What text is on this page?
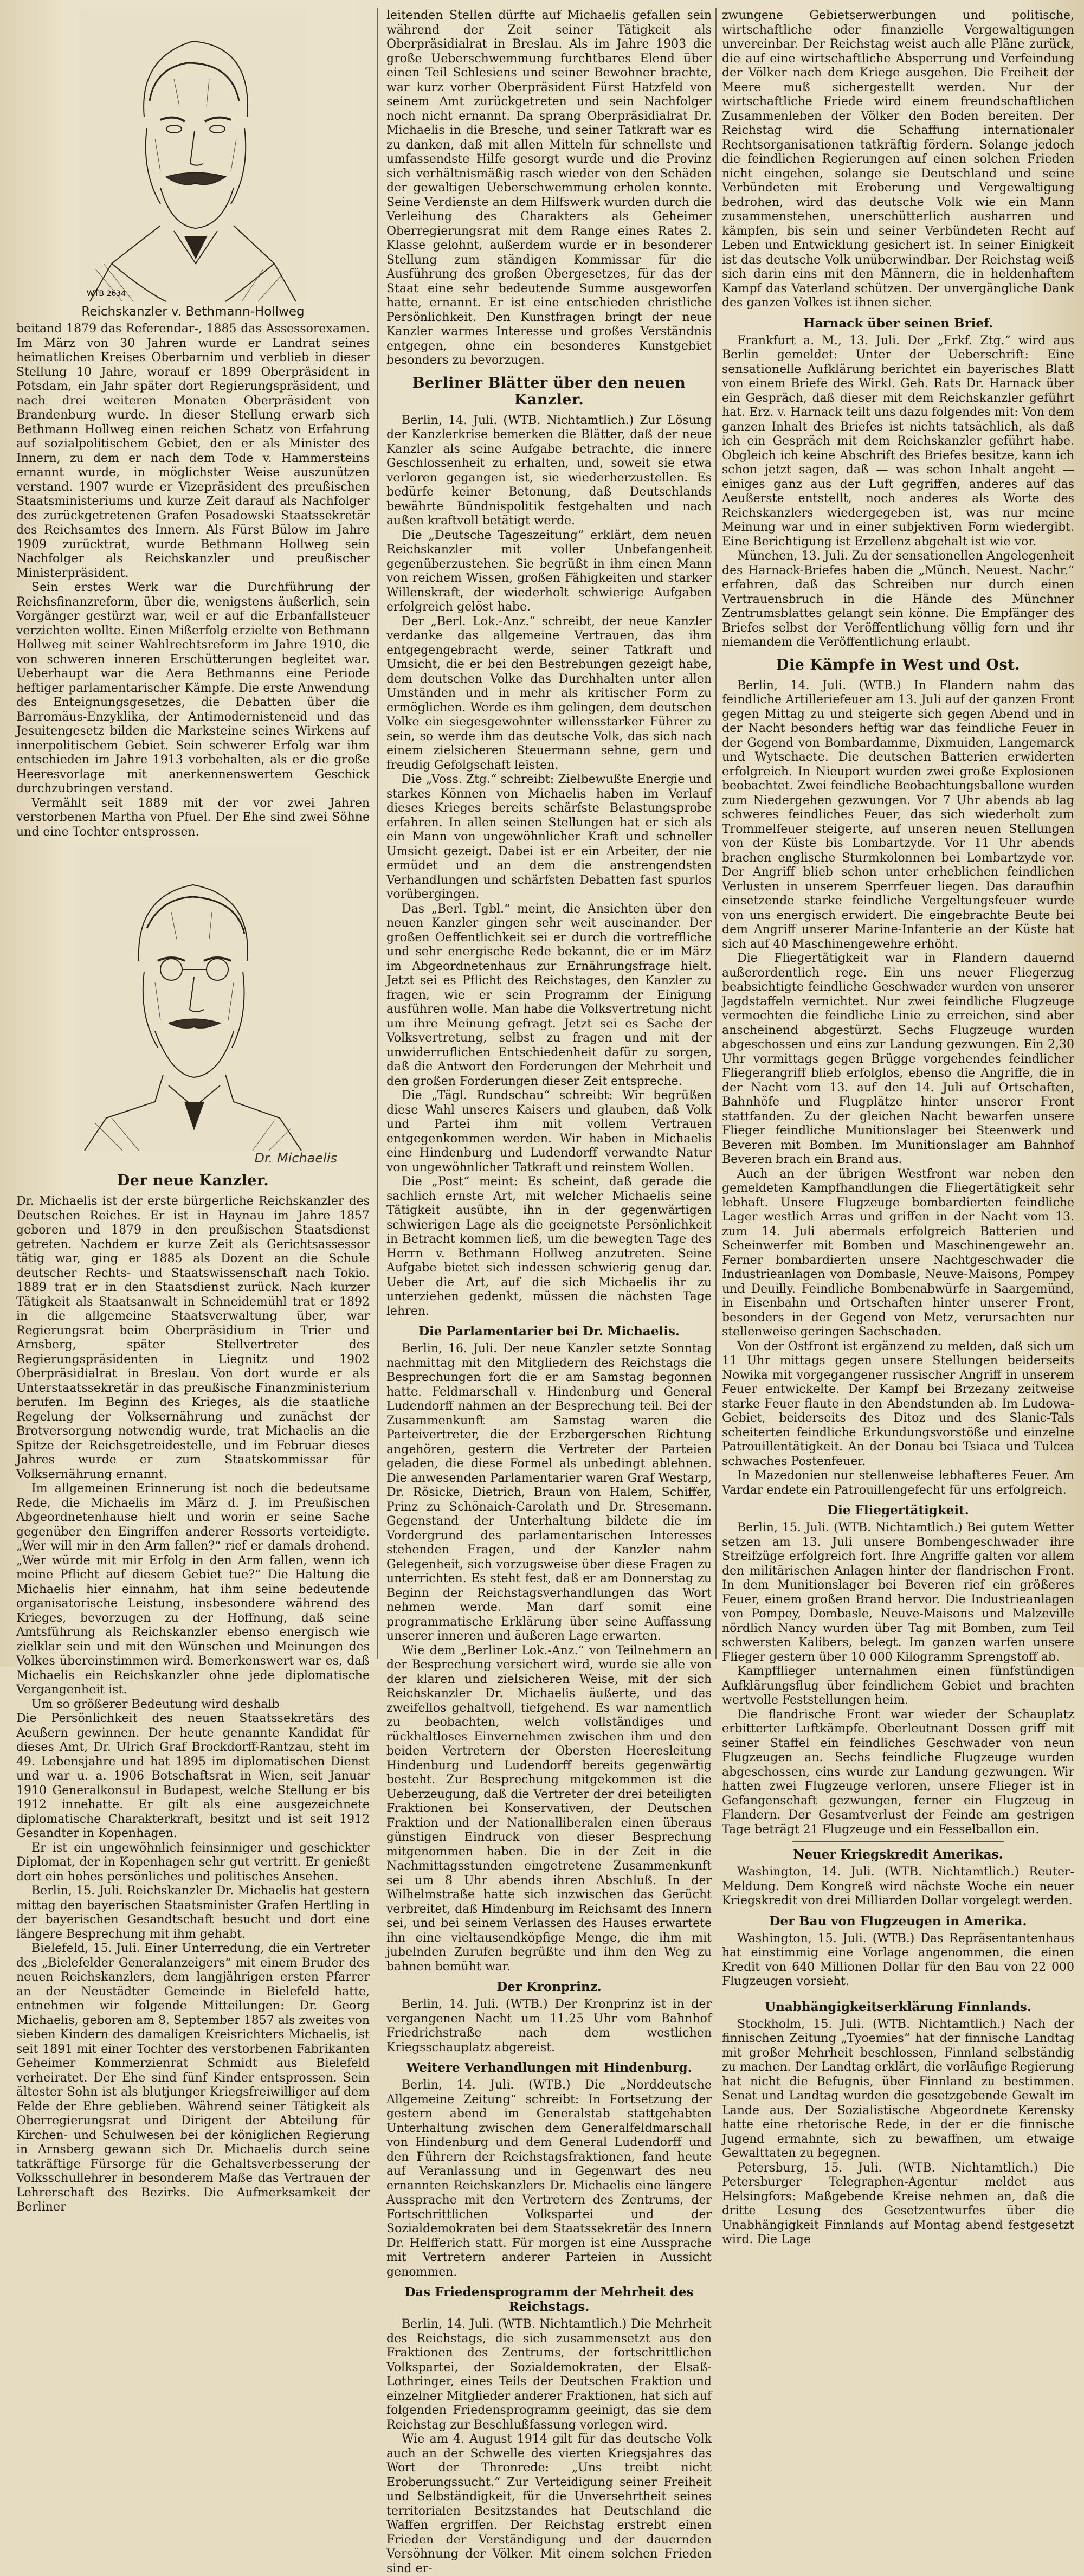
WTB 2634
Reichskanzler v. Bethmann-Hollweg

beitand 1879 das Referendar-, 1885 das Assessorexamen. Im März von 30 Jahren wurde er Landrat seines heimatlichen Kreises Oberbarnim und verblieb in dieser Stellung 10 Jahre, worauf er 1899 Oberpräsident in Potsdam, ein Jahr später dort Regierungspräsident, und nach drei weiteren Monaten Oberpräsident von Brandenburg wurde. In dieser Stellung erwarb sich Bethmann Hollweg einen reichen Schatz von Erfahrung auf sozialpolitischem Gebiet, den er als Minister des Innern, zu dem er nach dem Tode v. Hammersteins ernannt wurde, in möglichster Weise auszunützen verstand. 1907 wurde er Vizepräsident des preußischen Staatsministeriums und kurze Zeit darauf als Nachfolger des zurückgetretenen Grafen Posadowski Staatssekretär des Reichsamtes des Innern. Als Fürst Bülow im Jahre 1909 zurücktrat, wurde Bethmann Hollweg sein Nachfolger als Reichskanzler und preußischer Ministerpräsident.

Sein erstes Werk war die Durchführung der Reichsfinanzreform, über die, wenigstens äußerlich, sein Vorgänger gestürzt war, weil er auf die Erbanfallsteuer verzichten wollte. Einen Mißerfolg erzielte von Bethmann Hollweg mit seiner Wahlrechtsreform im Jahre 1910, die von schweren inneren Erschütterungen begleitet war. Ueberhaupt war die Aera Bethmanns eine Periode heftiger parlamentarischer Kämpfe. Die erste Anwendung des Enteignungsgesetzes, die Debatten über die Barromäus-Enzyklika, der Antimodernisteneid und das Jesuitengesetz bilden die Marksteine seines Wirkens auf innerpolitischem Gebiet. Sein schwerer Erfolg war ihm entschieden im Jahre 1913 vorbehalten, als er die große Heeresvorlage mit anerkennenswertem Geschick durchzubringen verstand.

Vermählt seit 1889 mit der vor zwei Jahren verstorbenen Martha von Pfuel. Der Ehe sind zwei Söhne und eine Tochter entsprossen.

Dr. Michaelis
Der neue Kanzler.

Dr. Michaelis ist der erste bürgerliche Reichskanzler des Deutschen Reiches. Er ist in Haynau im Jahre 1857 geboren und 1879 in den preußischen Staatsdienst getreten. Nachdem er kurze Zeit als Gerichtsassessor tätig war, ging er 1885 als Dozent an die Schule deutscher Rechts- und Staatswissenschaft nach Tokio. 1889 trat er in den Staatsdienst zurück. Nach kurzer Tätigkeit als Staatsanwalt in Schneidemühl trat er 1892 in die allgemeine Staatsverwaltung über, war Regierungsrat beim Oberpräsidium in Trier und Arnsberg, später Stellvertreter des Regierungspräsidenten in Liegnitz und 1902 Oberpräsidialrat in Breslau. Von dort wurde er als Unterstaatssekretär in das preußische Finanzministerium berufen. Im Beginn des Krieges, als die staatliche Regelung der Volksernährung und zunächst der Brotversorgung notwendig wurde, trat Michaelis an die Spitze der Reichsgetreidestelle, und im Februar dieses Jahres wurde er zum Staatskommissar für Volksernährung ernannt.

Im allgemeinen Erinnerung ist noch die bedeutsame Rede, die Michaelis im März d. J. im Preußischen Abgeordnetenhause hielt und worin er seine Sache gegenüber den Eingriffen anderer Ressorts verteidigte. „Wer will mir in den Arm fallen?“ rief er damals drohend. „Wer würde mit mir Erfolg in den Arm fallen, wenn ich meine Pflicht auf diesem Gebiet tue?“ Die Haltung die Michaelis hier einnahm, hat ihm seine bedeutende organisatorische Leistung, insbesondere während des Krieges, bevorzugen zu der Hoffnung, daß seine Amtsführung als Reichskanzler ebenso energisch wie zielklar sein und mit den Wünschen und Meinungen des Volkes übereinstimmen wird. Bemerkenswert war es, daß Michaelis ein Reichskanzler ohne jede diplomatische Vergangenheit ist.

Um so größerer Bedeutung wird deshalb

Die Persönlichkeit des neuen Staatssekretärs des Aeußern gewinnen. Der heute genannte Kandidat für dieses Amt, Dr. Ulrich Graf Brockdorff-Rantzau, steht im 49. Lebensjahre und hat 1895 im diplomatischen Dienst und war u. a. 1906 Botschaftsrat in Wien, seit Januar 1910 Generalkonsul in Budapest, welche Stellung er bis 1912 innehatte. Er gilt als eine ausgezeichnete diplomatische Charakterkraft, besitzt und ist seit 1912 Gesandter in Kopenhagen.

Er ist ein ungewöhnlich feinsinniger und geschickter Diplomat, der in Kopenhagen sehr gut vertritt. Er genießt dort ein hohes persönliches und politisches Ansehen.

Berlin, 15. Juli. Reichskanzler Dr. Michaelis hat gestern mittag den bayerischen Staatsminister Grafen Hertling in der bayerischen Gesandtschaft besucht und dort eine längere Besprechung mit ihm gehabt.

Bielefeld, 15. Juli. Einer Unterredung, die ein Vertreter des „Bielefelder Generalanzeigers“ mit einem Bruder des neuen Reichskanzlers, dem langjährigen ersten Pfarrer an der Neustädter Gemeinde in Bielefeld hatte, entnehmen wir folgende Mitteilungen: Dr. Georg Michaelis, geboren am 8. September 1857 als zweites von sieben Kindern des damaligen Kreisrichters Michaelis, ist seit 1891 mit einer Tochter des verstorbenen Fabrikanten Geheimer Kommerzienrat Schmidt aus Bielefeld verheiratet. Der Ehe sind fünf Kinder entsprossen. Sein ältester Sohn ist als blutjunger Kriegsfreiwilliger auf dem Felde der Ehre geblieben. Während seiner Tätigkeit als Oberregierungsrat und Dirigent der Abteilung für Kirchen- und Schulwesen bei der königlichen Regierung in Arnsberg gewann sich Dr. Michaelis durch seine tatkräftige Fürsorge für die Gehaltsverbesserung der Volksschullehrer in besonderem Maße das Vertrauen der Lehrerschaft des Bezirks. Die Aufmerksamkeit der Berliner

leitenden Stellen dürfte auf Michaelis gefallen sein während der Zeit seiner Tätigkeit als Oberpräsidialrat in Breslau. Als im Jahre 1903 die große Ueberschwemmung furchtbares Elend über einen Teil Schlesiens und seiner Bewohner brachte, war kurz vorher Oberpräsident Fürst Hatzfeld von seinem Amt zurückgetreten und sein Nachfolger noch nicht ernannt. Da sprang Oberpräsidialrat Dr. Michaelis in die Bresche, und seiner Tatkraft war es zu danken, daß mit allen Mitteln für schnellste und umfassendste Hilfe gesorgt wurde und die Provinz sich verhältnismäßig rasch wieder von den Schäden der gewaltigen Ueberschwemmung erholen konnte. Seine Verdienste an dem Hilfswerk wurden durch die Verleihung des Charakters als Geheimer Oberregierungsrat mit dem Range eines Rates 2. Klasse gelohnt, außerdem wurde er in besonderer Stellung zum ständigen Kommissar für die Ausführung des großen Obergesetzes, für das der Staat eine sehr bedeutende Summe ausgeworfen hatte, ernannt. Er ist eine entschieden christliche Persönlichkeit. Den Kunstfragen bringt der neue Kanzler warmes Interesse und großes Verständnis entgegen, ohne ein besonderes Kunstgebiet besonders zu bevorzugen.

Berliner Blätter über den neuen Kanzler.

Berlin, 14. Juli. (WTB. Nichtamtlich.) Zur Lösung der Kanzlerkrise bemerken die Blätter, daß der neue Kanzler als seine Aufgabe betrachte, die innere Geschlossenheit zu erhalten, und, soweit sie etwa verloren gegangen ist, sie wiederherzustellen. Es bedürfe keiner Betonung, daß Deutschlands bewährte Bündnispolitik festgehalten und nach außen kraftvoll betätigt werde.

Die „Deutsche Tageszeitung“ erklärt, dem neuen Reichskanzler mit voller Unbefangenheit gegenüberzustehen. Sie begrüßt in ihm einen Mann von reichem Wissen, großen Fähigkeiten und starker Willenskraft, der wiederholt schwierige Aufgaben erfolgreich gelöst habe.

Der „Berl. Lok.-Anz.“ schreibt, der neue Kanzler verdanke das allgemeine Vertrauen, das ihm entgegengebracht werde, seiner Tatkraft und Umsicht, die er bei den Bestrebungen gezeigt habe, dem deutschen Volke das Durchhalten unter allen Umständen und in mehr als kritischer Form zu ermöglichen. Werde es ihm gelingen, dem deutschen Volke ein siegesgewohnter willensstarker Führer zu sein, so werde ihm das deutsche Volk, das sich nach einem zielsicheren Steuermann sehne, gern und freudig Gefolgschaft leisten.

Die „Voss. Ztg.“ schreibt: Zielbewußte Energie und starkes Können von Michaelis haben im Verlauf dieses Krieges bereits schärfste Belastungsprobe erfahren. In allen seinen Stellungen hat er sich als ein Mann von ungewöhnlicher Kraft und schneller Umsicht gezeigt. Dabei ist er ein Arbeiter, der nie ermüdet und an dem die anstrengendsten Verhandlungen und schärfsten Debatten fast spurlos vorübergingen.

Das „Berl. Tgbl.“ meint, die Ansichten über den neuen Kanzler gingen sehr weit auseinander. Der großen Oeffentlichkeit sei er durch die vortreffliche und sehr energische Rede bekannt, die er im März im Abgeordnetenhaus zur Ernährungsfrage hielt. Jetzt sei es Pflicht des Reichstages, den Kanzler zu fragen, wie er sein Programm der Einigung ausführen wolle. Man habe die Volksvertretung nicht um ihre Meinung gefragt. Jetzt sei es Sache der Volksvertretung, selbst zu fragen und mit der unwiderruflichen Entschiedenheit dafür zu sorgen, daß die Antwort den Forderungen der Mehrheit und den großen Forderungen dieser Zeit entspreche.

Die „Tägl. Rundschau“ schreibt: Wir begrüßen diese Wahl unseres Kaisers und glauben, daß Volk und Partei ihm mit vollem Vertrauen entgegenkommen werden. Wir haben in Michaelis eine Hindenburg und Ludendorff verwandte Natur von ungewöhnlicher Tatkraft und reinstem Wollen.

Die „Post“ meint: Es scheint, daß gerade die sachlich ernste Art, mit welcher Michaelis seine Tätigkeit ausübte, ihn in der gegenwärtigen schwierigen Lage als die geeignetste Persönlichkeit in Betracht kommen ließ, um die bewegten Tage des Herrn v. Bethmann Hollweg anzutreten. Seine Aufgabe bietet sich indessen schwierig genug dar. Ueber die Art, auf die sich Michaelis ihr zu unterziehen gedenkt, müssen die nächsten Tage lehren.

Die Parlamentarier bei Dr. Michaelis.

Berlin, 16. Juli. Der neue Kanzler setzte Sonntag nachmittag mit den Mitgliedern des Reichstags die Besprechungen fort die er am Samstag begonnen hatte. Feldmarschall v. Hindenburg und General Ludendorff nahmen an der Besprechung teil. Bei der Zusammenkunft am Samstag waren die Parteivertreter, die der Erzbergerschen Richtung angehören, gestern die Vertreter der Parteien geladen, die diese Formel als unbedingt ablehnen. Die anwesenden Parlamentarier waren Graf Westarp, Dr. Rösicke, Dietrich, Braun von Halem, Schiffer, Prinz zu Schönaich-Carolath und Dr. Stresemann. Gegenstand der Unterhaltung bildete die im Vordergrund des parlamentarischen Interesses stehenden Fragen, und der Kanzler nahm Gelegenheit, sich vorzugsweise über diese Fragen zu unterrichten. Es steht fest, daß er am Donnerstag zu Beginn der Reichstagsverhandlungen das Wort nehmen werde. Man darf somit eine programmatische Erklärung über seine Auffassung unserer inneren und äußeren Lage erwarten.

Wie dem „Berliner Lok.-Anz.“ von Teilnehmern an der Besprechung versichert wird, wurde sie alle von der klaren und zielsicheren Weise, mit der sich Reichskanzler Dr. Michaelis äußerte, und das zweifellos gehaltvoll, tiefgehend. Es war namentlich zu beobachten, welch vollständiges und rückhaltloses Einvernehmen zwischen ihm und den beiden Vertretern der Obersten Heeresleitung Hindenburg und Ludendorff bereits gegenwärtig besteht. Zur Besprechung mitgekommen ist die Ueberzeugung, daß die Vertreter der drei beteiligten Fraktionen bei Konservativen, der Deutschen Fraktion und der Nationalliberalen einen überaus günstigen Eindruck von dieser Besprechung mitgenommen haben. Die in der Zeit in die Nachmittagsstunden eingetretene Zusammenkunft sei um 8 Uhr abends ihren Abschluß. In der Wilhelmstraße hatte sich inzwischen das Gerücht verbreitet, daß Hindenburg im Reichsamt des Innern sei, und bei seinem Verlassen des Hauses erwartete ihn eine vieltausendköpfige Menge, die ihm mit jubelnden Zurufen begrüßte und ihm den Weg zu bahnen bemüht war.

Der Kronprinz.

Berlin, 14. Juli. (WTB.) Der Kronprinz ist in der vergangenen Nacht um 11.25 Uhr vom Bahnhof Friedrichstraße nach dem westlichen Kriegsschauplatz abgereist.

Weitere Verhandlungen mit Hindenburg.

Berlin, 14. Juli. (WTB.) Die „Norddeutsche Allgemeine Zeitung“ schreibt: In Fortsetzung der gestern abend im Generalstab stattgehabten Unterhaltung zwischen dem Generalfeldmarschall von Hindenburg und dem General Ludendorff und den Führern der Reichstagsfraktionen, fand heute auf Veranlassung und in Gegenwart des neu ernannten Reichskanzlers Dr. Michaelis eine längere Aussprache mit den Vertretern des Zentrums, der Fortschrittlichen Volkspartei und der Sozialdemokraten bei dem Staatssekretär des Innern Dr. Helfferich statt. Für morgen ist eine Aussprache mit Vertretern anderer Parteien in Aussicht genommen.

Das Friedensprogramm der Mehrheit des Reichstags.

Berlin, 14. Juli. (WTB. Nichtamtlich.) Die Mehrheit des Reichstags, die sich zusammensetzt aus den Fraktionen des Zentrums, der fortschrittlichen Volkspartei, der Sozialdemokraten, der Elsaß-Lothringer, eines Teils der Deutschen Fraktion und einzelner Mitglieder anderer Fraktionen, hat sich auf folgenden Friedensprogramm geeinigt, das sie dem Reichstag zur Beschlußfassung vorlegen wird.

Wie am 4. August 1914 gilt für das deutsche Volk auch an der Schwelle des vierten Kriegsjahres das Wort der Thronrede: „Uns treibt nicht Eroberungssucht.“ Zur Verteidigung seiner Freiheit und Selbständigkeit, für die Unversehrtheit seines territorialen Besitzstandes hat Deutschland die Waffen ergriffen. Der Reichstag erstrebt einen Frieden der Verständigung und der dauernden Versöhnung der Völker. Mit einem solchen Frieden sind er-

zwungene Gebietserwerbungen und politische, wirtschaftliche oder finanzielle Vergewaltigungen unvereinbar. Der Reichstag weist auch alle Pläne zurück, die auf eine wirtschaftliche Absperrung und Verfeindung der Völker nach dem Kriege ausgehen. Die Freiheit der Meere muß sichergestellt werden. Nur der wirtschaftliche Friede wird einem freundschaftlichen Zusammenleben der Völker den Boden bereiten. Der Reichstag wird die Schaffung internationaler Rechtsorganisationen tatkräftig fördern. Solange jedoch die feindlichen Regierungen auf einen solchen Frieden nicht eingehen, solange sie Deutschland und seine Verbündeten mit Eroberung und Vergewaltigung bedrohen, wird das deutsche Volk wie ein Mann zusammenstehen, unerschütterlich ausharren und kämpfen, bis sein und seiner Verbündeten Recht auf Leben und Entwicklung gesichert ist. In seiner Einigkeit ist das deutsche Volk unüberwindbar. Der Reichstag weiß sich darin eins mit den Männern, die in heldenhaftem Kampf das Vaterland schützen. Der unvergängliche Dank des ganzen Volkes ist ihnen sicher.

Harnack über seinen Brief.

Frankfurt a. M., 13. Juli. Der „Frkf. Ztg.“ wird aus Berlin gemeldet: Unter der Ueberschrift: Eine sensationelle Aufklärung berichtet ein bayerisches Blatt von einem Briefe des Wirkl. Geh. Rats Dr. Harnack über ein Gespräch, daß dieser mit dem Reichskanzler geführt hat. Erz. v. Harnack teilt uns dazu folgendes mit: Von dem ganzen Inhalt des Briefes ist nichts tatsächlich, als daß ich ein Gespräch mit dem Reichskanzler geführt habe. Obgleich ich keine Abschrift des Briefes besitze, kann ich schon jetzt sagen, daß — was schon Inhalt angeht — einiges ganz aus der Luft gegriffen, anderes auf das Aeußerste entstellt, noch anderes als Worte des Reichskanzlers wiedergegeben ist, was nur meine Meinung war und in einer subjektiven Form wiedergibt. Eine Berichtigung ist Erzellenz abgehalt ist wie vor.

München, 13. Juli. Zu der sensationellen Angelegenheit des Harnack-Briefes haben die „Münch. Neuest. Nachr.“ erfahren, daß das Schreiben nur durch einen Vertrauensbruch in die Hände des Münchner Zentrumsblattes gelangt sein könne. Die Empfänger des Briefes selbst der Veröffentlichung völlig fern und ihr niemandem die Veröffentlichung erlaubt.

Die Kämpfe in West und Ost.

Berlin, 14. Juli. (WTB.) In Flandern nahm das feindliche Artilleriefeuer am 13. Juli auf der ganzen Front gegen Mittag zu und steigerte sich gegen Abend und in der Nacht besonders heftig war das feindliche Feuer in der Gegend von Bombardamme, Dixmuiden, Langemarck und Wytschaete. Die deutschen Batterien erwiderten erfolgreich. In Nieuport wurden zwei große Explosionen beobachtet. Zwei feindliche Beobachtungsballone wurden zum Niedergehen gezwungen. Vor 7 Uhr abends ab lag schweres feindliches Feuer, das sich wiederholt zum Trommelfeuer steigerte, auf unseren neuen Stellungen von der Küste bis Lombartzyde. Vor 11 Uhr abends brachen englische Sturmkolonnen bei Lombartzyde vor. Der Angriff blieb schon unter erheblichen feindlichen Verlusten in unserem Sperrfeuer liegen. Das daraufhin einsetzende starke feindliche Vergeltungsfeuer wurde von uns energisch erwidert. Die eingebrachte Beute bei dem Angriff unserer Marine-Infanterie an der Küste hat sich auf 40 Maschinengewehre erhöht.

Die Fliegertätigkeit war in Flandern dauernd außerordentlich rege. Ein uns neuer Fliegerzug beabsichtigte feindliche Geschwader wurden von unserer Jagdstaffeln vernichtet. Nur zwei feindliche Flugzeuge vermochten die feindliche Linie zu erreichen, sind aber anscheinend abgestürzt. Sechs Flugzeuge wurden abgeschossen und eins zur Landung gezwungen. Ein 2,30 Uhr vormittags gegen Brügge vorgehendes feindlicher Fliegerangriff blieb erfolglos, ebenso die Angriffe, die in der Nacht vom 13. auf den 14. Juli auf Ortschaften, Bahnhöfe und Flugplätze hinter unserer Front stattfanden. Zu der gleichen Nacht bewarfen unsere Flieger feindliche Munitionslager bei Steenwerk und Beveren mit Bomben. Im Munitionslager am Bahnhof Beveren brach ein Brand aus.

Auch an der übrigen Westfront war neben den gemeldeten Kampfhandlungen die Fliegertätigkeit sehr lebhaft. Unsere Flugzeuge bombardierten feindliche Lager westlich Arras und griffen in der Nacht vom 13. zum 14. Juli abermals erfolgreich Batterien und Scheinwerfer mit Bomben und Maschinengewehr an. Ferner bombardierten unsere Nachtgeschwader die Industrieanlagen von Dombasle, Neuve-Maisons, Pompey und Deuilly. Feindliche Bombenabwürfe in Saargemünd, in Eisenbahn und Ortschaften hinter unserer Front, besonders in der Gegend von Metz, verursachten nur stellenweise geringen Sachschaden.

Von der Ostfront ist ergänzend zu melden, daß sich um 11 Uhr mittags gegen unsere Stellungen beiderseits Nowika mit vorgegangener russischer Angriff in unserem Feuer entwickelte. Der Kampf bei Brzezany zeitweise starke Feuer flaute in den Abendstunden ab. Im Ludowa-Gebiet, beiderseits des Ditoz und des Slanic-Tals scheiterten feindliche Erkundungsvorstöße und einzelne Patrouillentätigkeit. An der Donau bei Tsiaca und Tulcea schwaches Postenfeuer.

In Mazedonien nur stellenweise lebhafteres Feuer. Am Vardar endete ein Patrouillengefecht für uns erfolgreich.

Die Fliegertätigkeit.

Berlin, 15. Juli. (WTB. Nichtamtlich.) Bei gutem Wetter setzen am 13. Juli unsere Bombengeschwader ihre Streifzüge erfolgreich fort. Ihre Angriffe galten vor allem den militärischen Anlagen hinter der flandrischen Front. In dem Munitionslager bei Beveren rief ein größeres Feuer, einem großen Brand hervor. Die Industrieanlagen von Pompey, Dombasle, Neuve-Maisons und Malzeville nördlich Nancy wurden über Tag mit Bomben, zum Teil schwersten Kalibers, belegt. Im ganzen warfen unsere Flieger gestern über 10 000 Kilogramm Sprengstoff ab.

Kampfflieger unternahmen einen fünfstündigen Aufklärungsflug über feindlichem Gebiet und brachten wertvolle Feststellungen heim.

Die flandrische Front war wieder der Schauplatz erbitterter Luftkämpfe. Oberleutnant Dossen griff mit seiner Staffel ein feindliches Geschwader von neun Flugzeugen an. Sechs feindliche Flugzeuge wurden abgeschossen, eins wurde zur Landung gezwungen. Wir hatten zwei Flugzeuge verloren, unsere Flieger ist in Gefangenschaft gezwungen, ferner ein Flugzeug in Flandern. Der Gesamtverlust der Feinde am gestrigen Tage beträgt 21 Flugzeuge und ein Fesselballon ein.

Neuer Kriegskredit Amerikas.

Washington, 14. Juli. (WTB. Nichtamtlich.) Reuter-Meldung. Dem Kongreß wird nächste Woche ein neuer Kriegskredit von drei Milliarden Dollar vorgelegt werden.

Der Bau von Flugzeugen in Amerika.

Washington, 15. Juli. (WTB.) Das Repräsentantenhaus hat einstimmig eine Vorlage angenommen, die einen Kredit von 640 Millionen Dollar für den Bau von 22 000 Flugzeugen vorsieht.

Unabhängigkeitserklärung Finnlands.

Stockholm, 15. Juli. (WTB. Nichtamtlich.) Nach der finnischen Zeitung „Tyoemies“ hat der finnische Landtag mit großer Mehrheit beschlossen, Finnland selbständig zu machen. Der Landtag erklärt, die vorläufige Regierung hat nicht die Befugnis, über Finnland zu bestimmen. Senat und Landtag wurden die gesetzgebende Gewalt im Lande aus. Der Sozialistische Abgeordnete Kerensky hatte eine rhetorische Rede, in der er die finnische Jugend ermahnte, sich zu bewaffnen, um etwaige Gewalttaten zu begegnen.

Petersburg, 15. Juli. (WTB. Nichtamtlich.) Die Petersburger Telegraphen-Agentur meldet aus Helsingfors: Maßgebende Kreise nehmen an, daß die dritte Lesung des Gesetzentwurfes über die Unabhängigkeit Finnlands auf Montag abend festgesetzt wird. Die Lage
